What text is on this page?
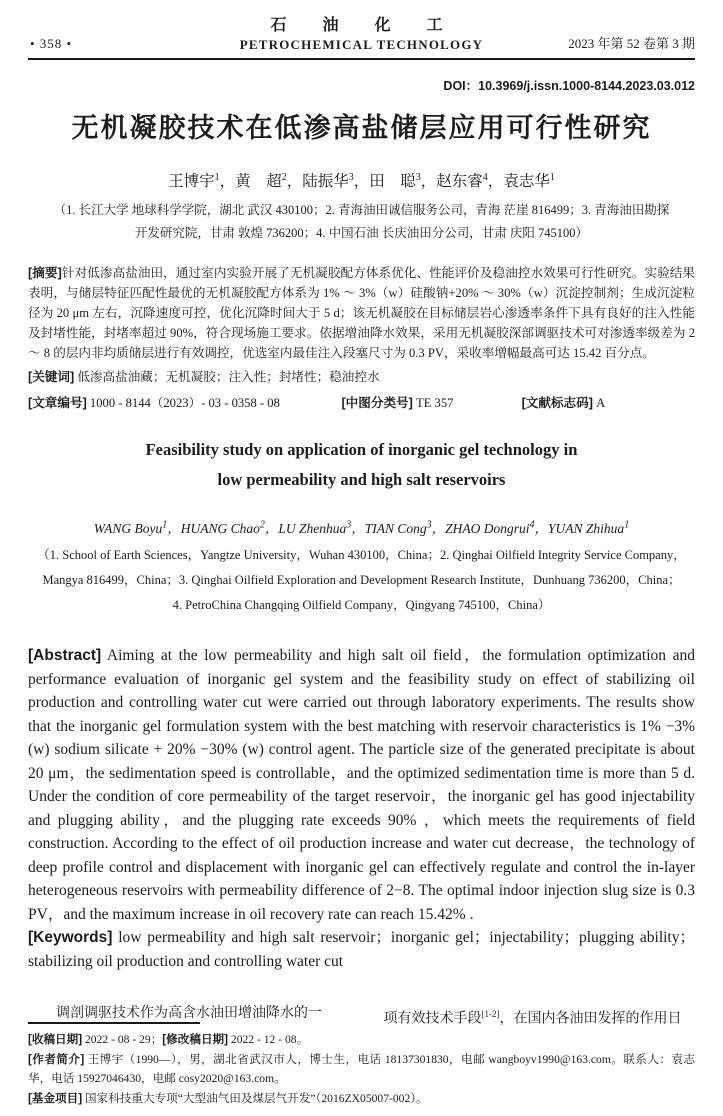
• 358 •
石　油　化　工
PETROCHEMICAL TECHNOLOGY	2023 年第 52 卷第 3 期
DOI：10.3969/j.issn.1000-8144.2023.03.012
无机凝胶技术在低渗高盐储层应用可行性研究
王博宇$^1$，黄　超$^2$，陆振华$^3$，田　聪$^3$，赵东睿$^4$，袁志华$^1$
（1. 长江大学 地球科学学院，湖北 武汉 430100；2. 青海油田诚信服务公司，青海 茫崖 816499；3. 青海油田勘探
开发研究院，甘肃 敦煌 736200；4. 中国石油 长庆油田分公司，甘肃 庆阳 745100）

[摘要]针对低渗高盐油田，通过室内实验开展了无机凝胶配方体系优化、性能评价及稳油控水效果可行性研究。实验结果表明，与储层特征匹配性最优的无机凝胶配方体系为 1% ～ 3%（w）硅酸钠+20% ～ 30%（w）沉淀控制剂；生成沉淀粒径为 20 μm 左右，沉降速度可控，优化沉降时间大于 5 d；该无机凝胶在目标储层岩心渗透率条件下具有良好的注入性能及封堵性能，封堵率超过 90%，符合现场施工要求。依据增油降水效果，采用无机凝胶深部调驱技术可对渗透率级差为 2 ～ 8 的层内非均质储层进行有效调控，优选室内最佳注入段塞尺寸为 0.3 PV，采收率增幅最高可达 15.42 百分点。

[关键词] 低渗高盐油藏；无机凝胶；注入性；封堵性；稳油控水

[文章编号] 1000 - 8144（2023）- 03 - 0358 - 08	[中图分类号] TE 357	[文献标志码] A
Feasibility study on application of inorganic gel technology in
low permeability and high salt reservoirs
WANG Boyu$^1$，HUANG Chao$^2$，LU Zhenhua$^3$，TIAN Cong$^3$，ZHAO Dongrui$^4$，YUAN Zhihua$^1$
（1. School of Earth Sciences，Yangtze University，Wuhan 430100，China；2. Qinghai Oilfield Integrity Service Company，
Mangya 816499，China；3. Qinghai Oilfield Exploration and Development Research Institute，Dunhuang 736200，China；
4. PetroChina Changqing Oilfield Company，Qingyang 745100，China）

[Abstract] Aiming at the low permeability and high salt oil field，the formulation optimization and performance evaluation of inorganic gel system and the feasibility study on effect of stabilizing oil production and controlling water cut were carried out through laboratory experiments. The results show that the inorganic gel formulation system with the best matching with reservoir characteristics is 1% −3% (w) sodium silicate + 20% −30% (w) control agent. The particle size of the generated precipitate is about 20 μm，the sedimentation speed is controllable，and the optimized sedimentation time is more than 5 d. Under the condition of core permeability of the target reservoir，the inorganic gel has good injectability and plugging ability，and the plugging rate exceeds 90% ，which meets the requirements of field construction. According to the effect of oil production increase and water cut decrease，the technology of deep profile control and displacement with inorganic gel can effectively regulate and control the in-layer heterogeneous reservoirs with permeability difference of 2−8. The optimal indoor injection slug size is 0.3 PV，and the maximum increase in oil recovery rate can reach 15.42% .

[Keywords] low permeability and high salt reservoir；inorganic gel；injectability；plugging ability；stabilizing oil production and controlling water cut

调剖调驱技术作为高含水油田增油降水的一	项有效技术手段[1-2]，在国内各油田发挥的作用日
[收稿日期] 2022 - 08 - 29；[修改稿日期] 2022 - 12 - 08。
[作者简介] 王博宇（1990—），男，湖北省武汉市人，博士生，电话 18137301830，电邮 wangboyv1990@163.com。联系人：袁志华，电话 15927046430，电邮 cosy2020@163.com。
[基金项目] 国家科技重大专项“大型油气田及煤层气开发”（2016ZX05007-002）。
